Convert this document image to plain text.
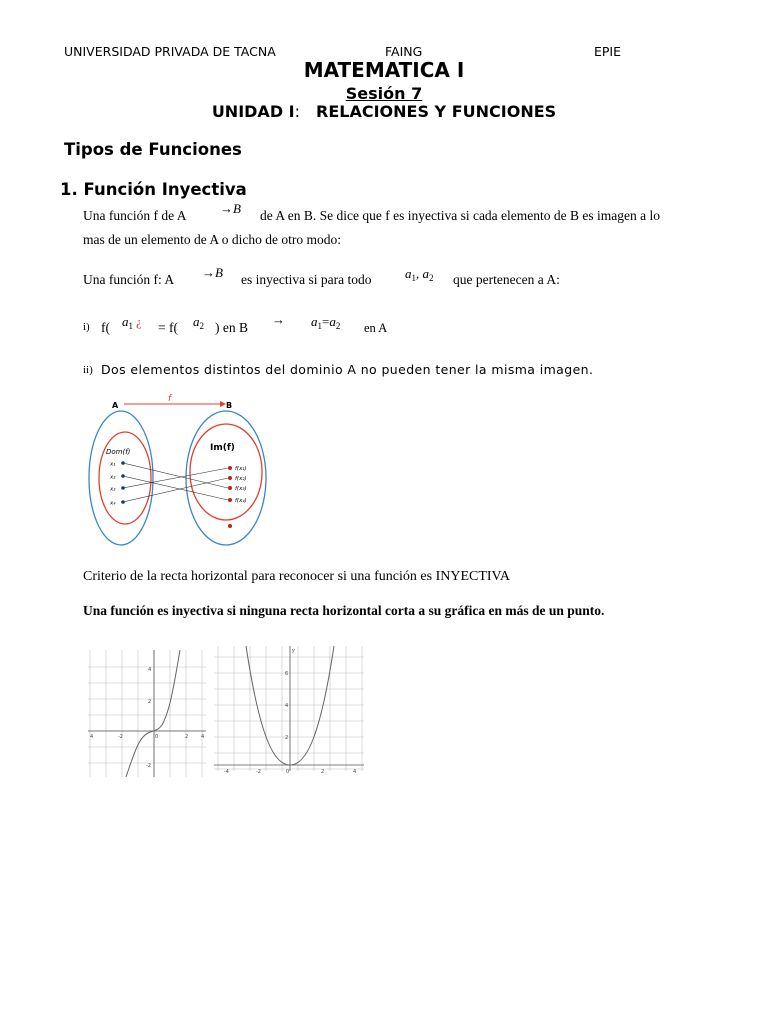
UNIVERSIDAD PRIVADA DE TACNA	FAING	EPIE
MATEMATICA I
Sesión 7
UNIDAD I: RELACIONES Y FUNCIONES
Tipos de Funciones
1. Función Inyectiva
Una función f de A	→B de A en B. Se dice que f es inyectiva si cada elemento de B es imagen a lo
mas de un elemento de A o dicho de otro modo:
Una función f: A →B es inyectiva si para todo	$a_1$, $a_2$ que pertenecen a A:
i) f( $a_1$ ¿ = f( $a_2$ ) en B
→ $a_1=a_2$ en A
ii) Dos elementos distintos del dominio A no pueden tener la misma imagen.
A	B
f
Dom(f)	Im(f)
x₁
x₂
x₃
x₄
f(x₁)
f(x₂)
f(x₃)
f(x₄)
Criterio de la recta horizontal para reconocer si una función es INYECTIVA
Una función es inyectiva si ninguna recta horizontal corta a su gráfica en más de un punto.
4	-2	0	2	4
4
2
-2
y
-4	-2	0	2	4
6
4
2
